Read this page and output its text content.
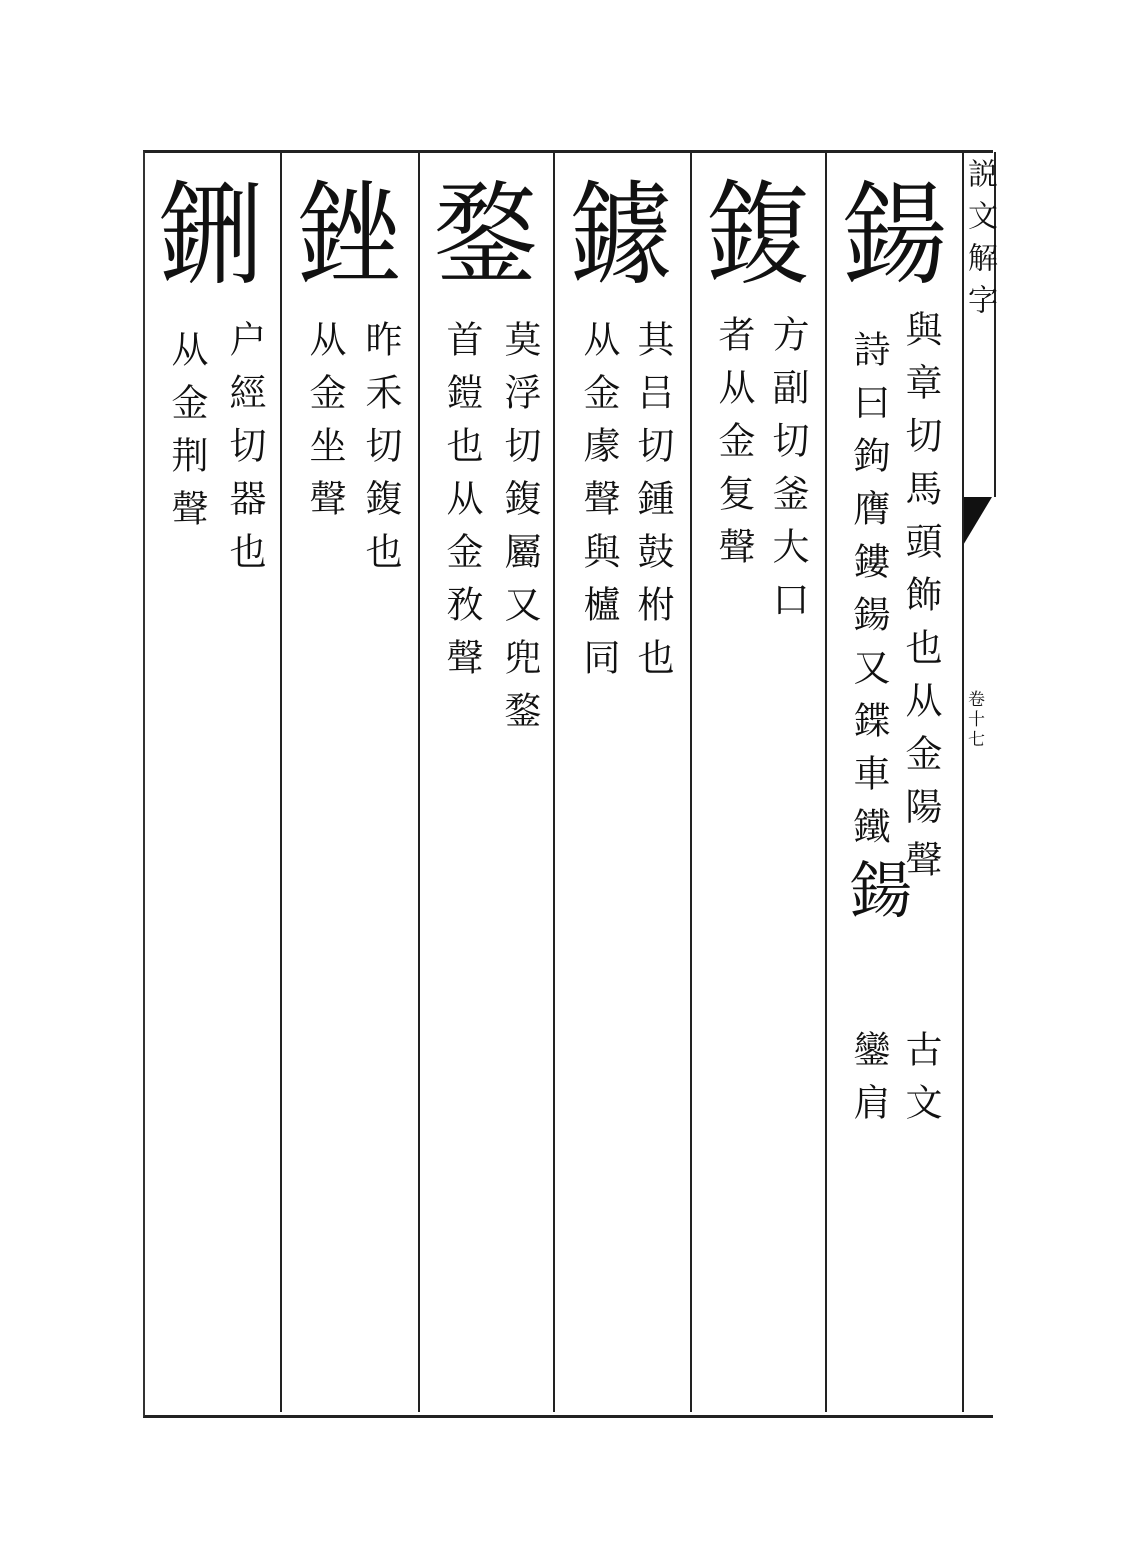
説文解字
卷十七
鍚
與章切馬頭飾也从金陽聲
詩曰鉤膺鏤鍚又鍱車鐵
鍚
古文
鑾肩
鍑
方副切釜大口
者从金复聲
鐻
其吕切鍾鼓柎也
从金豦聲與櫨同
鍪
莫浮切鍑屬又兜鍪
首鎧也从金敄聲
銼
昨禾切鍑也
从金坐聲
鉶
户經切器也
从金荆聲
